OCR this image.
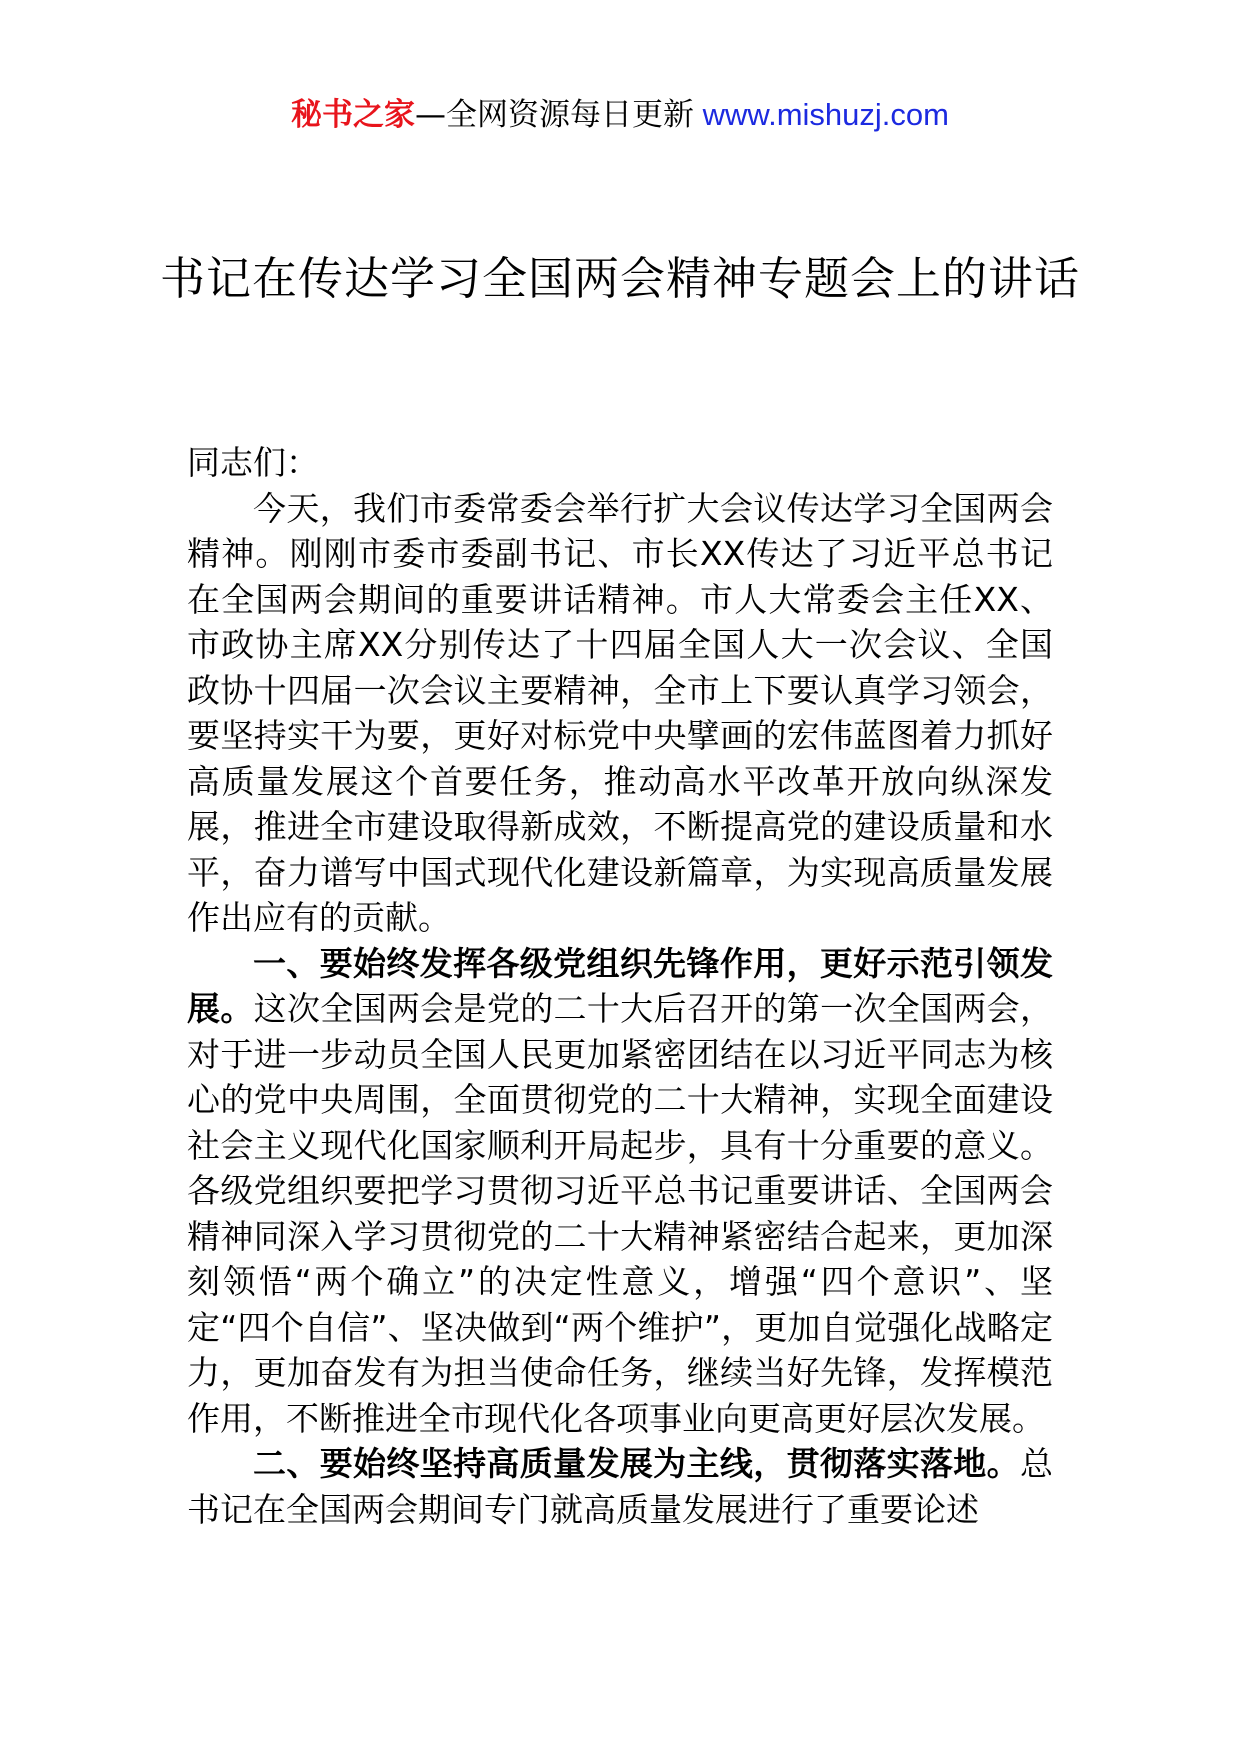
秘书之家—全网资源每日更新 www.mishuzj.com
书记在传达学习全国两会精神专题会上的讲话

同志们：

今天，我们市委常委会举行扩大会议传达学习全国两会精神。刚刚市委市委副书记、市长XX传达了习近平总书记在全国两会期间的重要讲话精神。市人大常委会主任XX、市政协主席XX分别传达了十四届全国人大一次会议、全国政协十四届一次会议主要精神，全市上下要认真学习领会，要坚持实干为要，更好对标党中央擘画的宏伟蓝图着力抓好高质量发展这个首要任务，推动高水平改革开放向纵深发展，推进全市建设取得新成效，不断提高党的建设质量和水平，奋力谱写中国式现代化建设新篇章，为实现高质量发展作出应有的贡献。

一、要始终发挥各级党组织先锋作用，更好示范引领发展。这次全国两会是党的二十大后召开的第一次全国两会，对于进一步动员全国人民更加紧密团结在以习近平同志为核心的党中央周围，全面贯彻党的二十大精神，实现全面建设社会主义现代化国家顺利开局起步，具有十分重要的意义。各级党组织要把学习贯彻习近平总书记重要讲话、全国两会精神同深入学习贯彻党的二十大精神紧密结合起来，更加深刻领悟“两个确立”的决定性意义，增强“四个意识”、坚定“四个自信”、坚决做到“两个维护”，更加自觉强化战略定力，更加奋发有为担当使命任务，继续当好先锋，发挥模范作用，不断推进全市现代化各项事业向更高更好层次发展。

二、要始终坚持高质量发展为主线，贯彻落实落地。总书记在全国两会期间专门就高质量发展进行了重要论述
